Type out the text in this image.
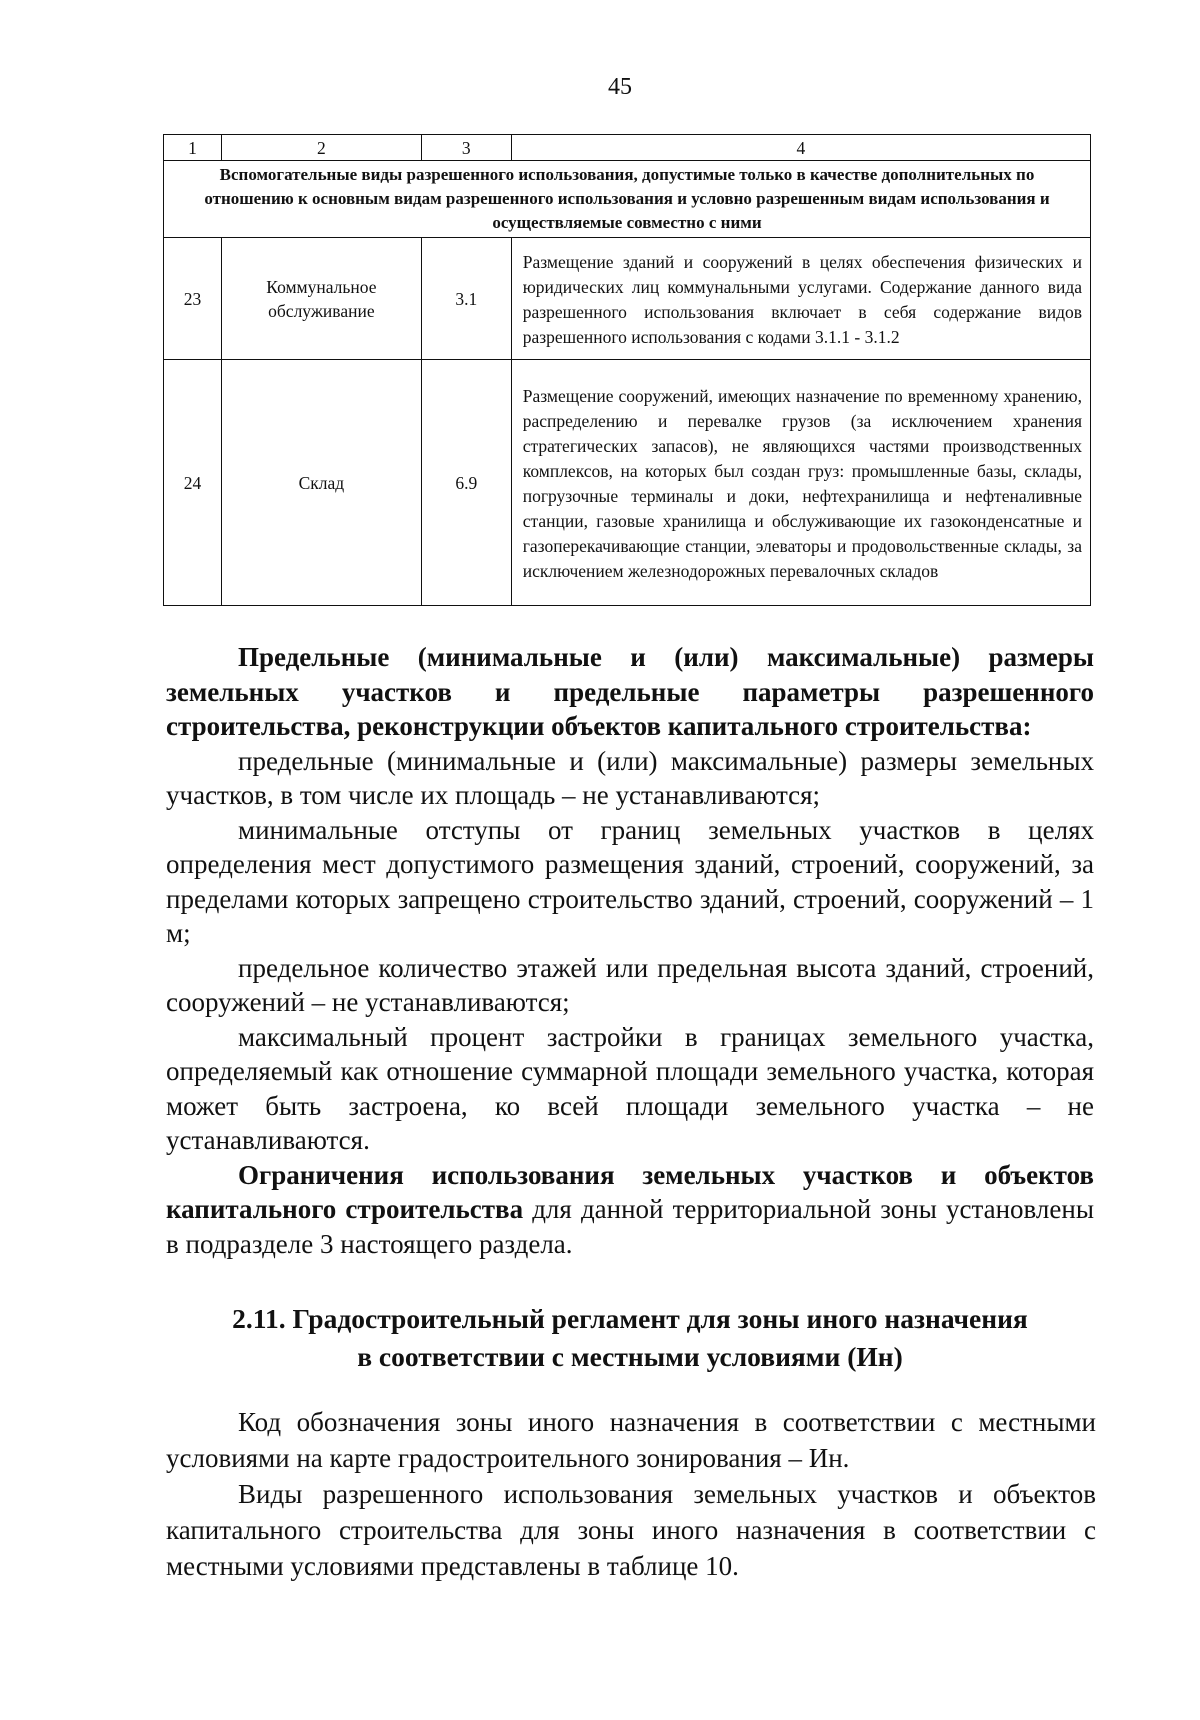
45
1	2	3	4
Вспомогательные виды разрешенного использования, допустимые только в качестве дополнительных по отношению к основным видам разрешенного использования и условно разрешенным видам использования и осуществляемые совместно с ними			
23	Коммунальное обслуживание	3.1	Размещение зданий и сооружений в целях обеспечения физических и юридических лиц коммунальными услугами. Содержание данного вида разрешенного использования включает в себя содержание видов разрешенного использования с кодами 3.1.1 - 3.1.2
24	Склад	6.9	Размещение сооружений, имеющих назначение по временному хранению, распределению и перевалке грузов (за исключением хранения стратегических запасов), не являющихся частями производственных комплексов, на которых был создан груз: промышленные базы, склады, погрузочные терминалы и доки, нефтехранилища и нефтеналивные станции, газовые хранилища и обслуживающие их газоконденсатные и газоперекачивающие станции, элеваторы и продовольственные склады, за исключением железнодорожных перевалочных складов

Предельные (минимальные и (или) максимальные) размеры земельных участков и предельные параметры разрешенного строительства, реконструкции объектов капитального строительства:

предельные (минимальные и (или) максимальные) размеры земельных участков, в том числе их площадь – не устанавливаются;

минимальные отступы от границ земельных участков в целях определения мест допустимого размещения зданий, строений, сооружений, за пределами которых запрещено строительство зданий, строений, сооружений – 1 м;

предельное количество этажей или предельная высота зданий, строений, сооружений – не устанавливаются;

максимальный процент застройки в границах земельного участка, определяемый как отношение суммарной площади земельного участка, которая может быть застроена, ко всей площади земельного участка – не устанавливаются.

Ограничения использования земельных участков и объектов капитального строительства для данной территориальной зоны установлены в подразделе 3 настоящего раздела.

2.11. Градостроительный регламент для зоны иного назначения
в соответствии с местными условиями (Ин)

Код обозначения зоны иного назначения в соответствии с местными условиями на карте градостроительного зонирования – Ин.

Виды разрешенного использования земельных участков и объектов капитального строительства для зоны иного назначения в соответствии с местными условиями представлены в таблице 10.
